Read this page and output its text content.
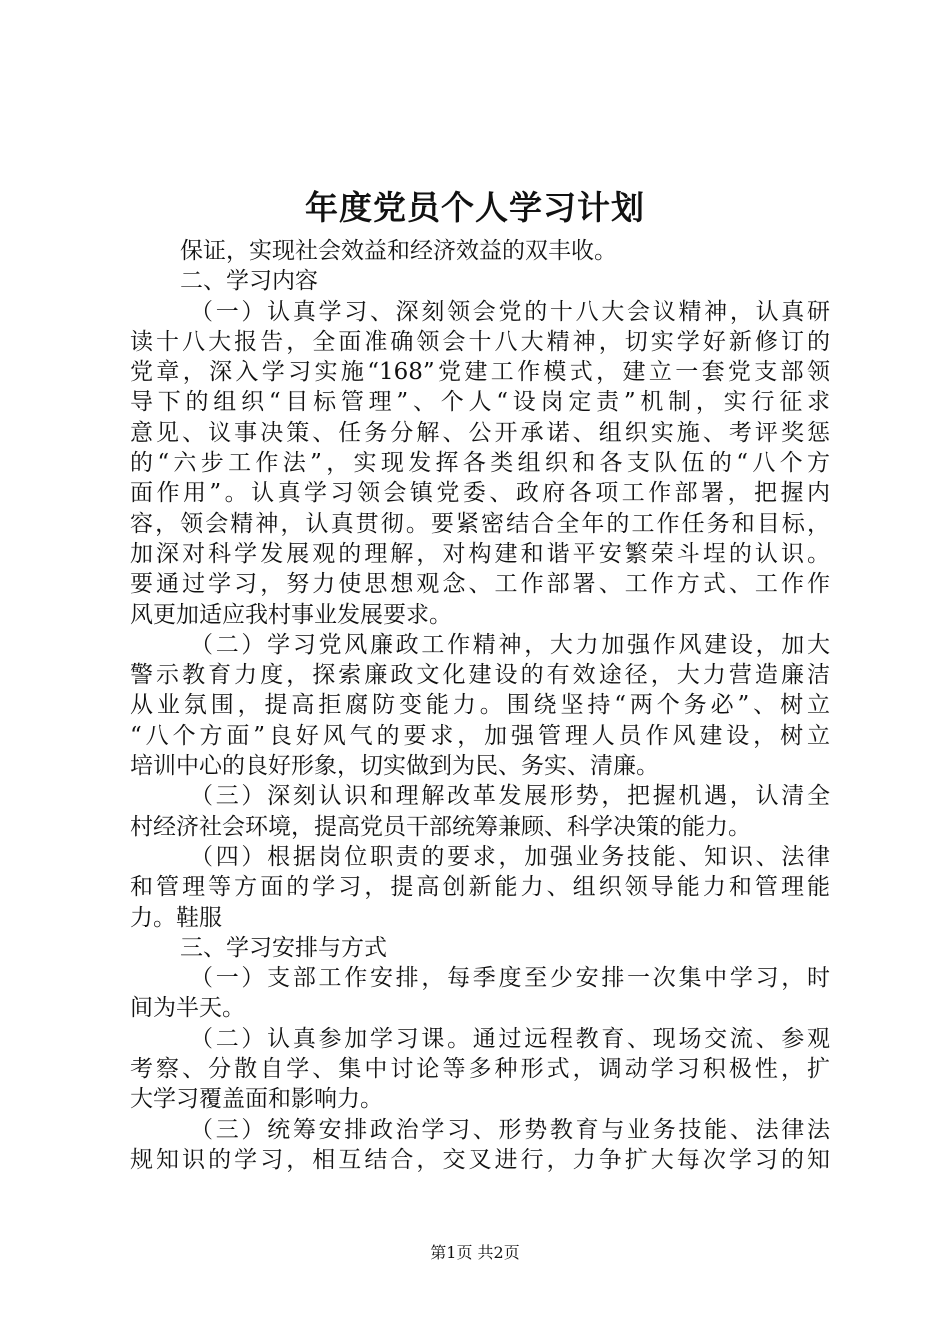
年度党员个人学习计划
保证，实现社会效益和经济效益的双丰收。
二、学习内容
（一）认真学习、深刻领会党的十八大会议精神，认真研
读十八大报告，全面准确领会十八大精神，切实学好新修订的
党章，深入学习实施“168”党建工作模式，建立一套党支部领
导下的组织“目标管理”、个人“设岗定责”机制，实行征求
意见、议事决策、任务分解、公开承诺、组织实施、考评奖惩
的“六步工作法”，实现发挥各类组织和各支队伍的“八个方
面作用”。认真学习领会镇党委、政府各项工作部署，把握内
容，领会精神，认真贯彻。要紧密结合全年的工作任务和目标，
加深对科学发展观的理解，对构建和谐平安繁荣斗埕的认识。
要通过学习，努力使思想观念、工作部署、工作方式、工作作
风更加适应我村事业发展要求。
（二）学习党风廉政工作精神，大力加强作风建设，加大
警示教育力度，探索廉政文化建设的有效途径，大力营造廉洁
从业氛围，提高拒腐防变能力。围绕坚持“两个务必”、树立
“八个方面”良好风气的要求，加强管理人员作风建设，树立
培训中心的良好形象，切实做到为民、务实、清廉。
（三）深刻认识和理解改革发展形势，把握机遇，认清全
村经济社会环境，提高党员干部统筹兼顾、科学决策的能力。
（四）根据岗位职责的要求，加强业务技能、知识、法律
和管理等方面的学习，提高创新能力、组织领导能力和管理能
力。鞋服
三、学习安排与方式
（一）支部工作安排，每季度至少安排一次集中学习，时
间为半天。
（二）认真参加学习课。通过远程教育、现场交流、参观
考察、分散自学、集中讨论等多种形式，调动学习积极性，扩
大学习覆盖面和影响力。
（三）统筹安排政治学习、形势教育与业务技能、法律法
规知识的学习，相互结合，交叉进行，力争扩大每次学习的知
第1页 共2页
